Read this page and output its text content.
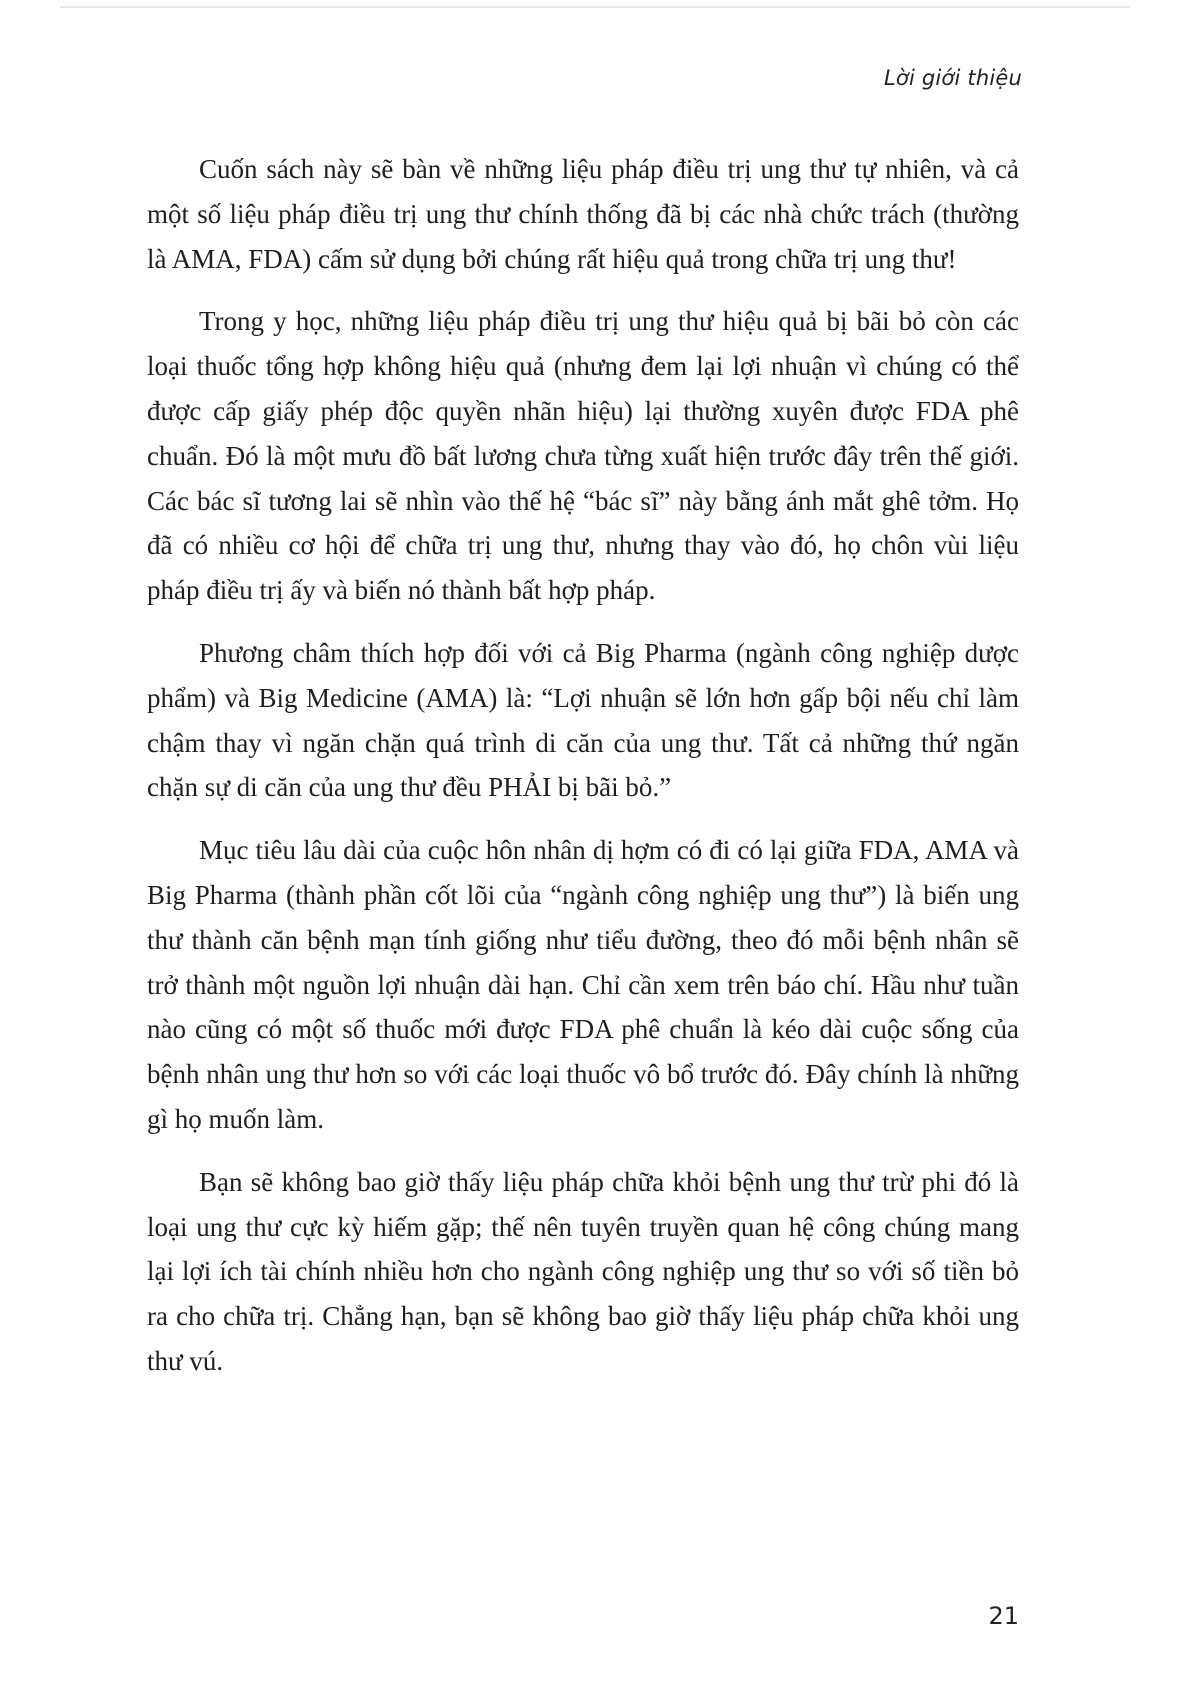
Lời giới thiệu

Cuốn sách này sẽ bàn về những liệu pháp điều trị ung thư tự nhiên, và cả một số liệu pháp điều trị ung thư chính thống đã bị các nhà chức trách (thường là AMA, FDA) cấm sử dụng bởi chúng rất hiệu quả trong chữa trị ung thư!

Trong y học, những liệu pháp điều trị ung thư hiệu quả bị bãi bỏ còn các loại thuốc tổng hợp không hiệu quả (nhưng đem lại lợi nhuận vì chúng có thể được cấp giấy phép độc quyền nhãn hiệu) lại thường xuyên được FDA phê chuẩn. Đó là một mưu đồ bất lương chưa từng xuất hiện trước đây trên thế giới. Các bác sĩ tương lai sẽ nhìn vào thế hệ “bác sĩ” này bằng ánh mắt ghê tởm. Họ đã có nhiều cơ hội để chữa trị ung thư, nhưng thay vào đó, họ chôn vùi liệu pháp điều trị ấy và biến nó thành bất hợp pháp.

Phương châm thích hợp đối với cả Big Pharma (ngành công nghiệp dược phẩm) và Big Medicine (AMA) là: “Lợi nhuận sẽ lớn hơn gấp bội nếu chỉ làm chậm thay vì ngăn chặn quá trình di căn của ung thư. Tất cả những thứ ngăn chặn sự di căn của ung thư đều PHẢI bị bãi bỏ.”

Mục tiêu lâu dài của cuộc hôn nhân dị hợm có đi có lại giữa FDA, AMA và Big Pharma (thành phần cốt lõi của “ngành công nghiệp ung thư”) là biến ung thư thành căn bệnh mạn tính giống như tiểu đường, theo đó mỗi bệnh nhân sẽ trở thành một nguồn lợi nhuận dài hạn. Chỉ cần xem trên báo chí. Hầu như tuần nào cũng có một số thuốc mới được FDA phê chuẩn là kéo dài cuộc sống của bệnh nhân ung thư hơn so với các loại thuốc vô bổ trước đó. Đây chính là những gì họ muốn làm.

Bạn sẽ không bao giờ thấy liệu pháp chữa khỏi bệnh ung thư trừ phi đó là loại ung thư cực kỳ hiếm gặp; thế nên tuyên truyền quan hệ công chúng mang lại lợi ích tài chính nhiều hơn cho ngành công nghiệp ung thư so với số tiền bỏ ra cho chữa trị. Chẳng hạn, bạn sẽ không bao giờ thấy liệu pháp chữa khỏi ung thư vú.

21
